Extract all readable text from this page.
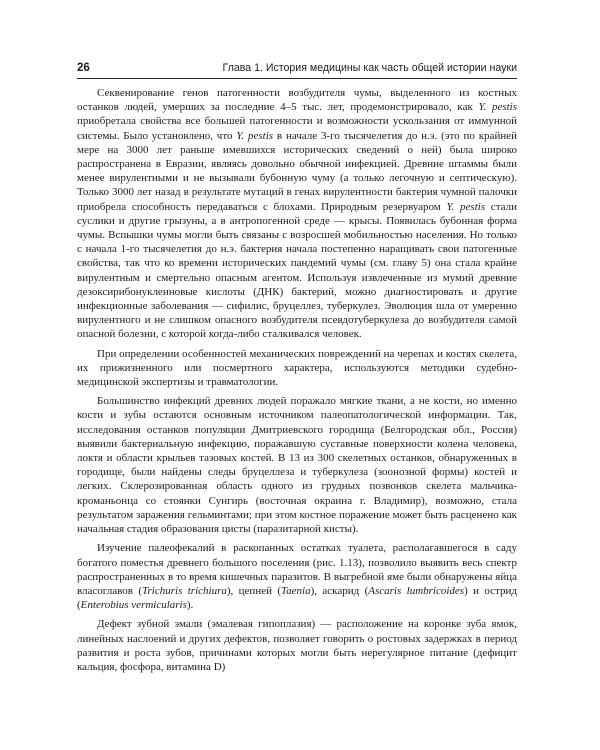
26	Глава 1. История медицины как часть общей истории науки

Секвенирование генов патогенности возбудителя чумы, выделенного из костных останков людей, умерших за последние 4–5 тыс. лет, продемонстрировало, как Y. pestis приобретала свойства все большей патогенности и возможности ускользания от иммунной системы. Было установлено, что Y. pestis в начале 3-го тысячелетия до н.э. (это по крайней мере на 3000 лет раньше имевшихся исторических сведений о ней) была широко распространена в Евразии, являясь довольно обычной инфекцией. Древние штаммы были менее вирулентными и не вызывали бубонную чуму (а только легочную и септическую). Только 3000 лет назад в результате мутаций в генах вирулентности бактерия чумной палочки приобрела способность передаваться с блохами. Природным резервуаром Y. pestis стали суслики и другие грызуны, а в антропогенной среде — крысы. Появилась бубонная форма чумы. Вспышки чумы могли быть связаны с возросшей мобильностью населения. Но только с начала 1-го тысячелетия до н.э. бактерия начала постепенно наращивать свои патогенные свойства, так что ко времени исторических пандемий чумы (см. главу 5) она стала крайне вирулентным и смертельно опасным агентом. Используя извлеченные из мумий древние дезоксирибонуклеиновые кислоты (ДНК) бактерий, можно диагностировать и другие инфекционные заболевания — сифилис, бруцеллез, туберкулез. Эволюция шла от умеренно вирулентного и не слишком опасного возбудителя псевдотуберкулеза до возбудителя самой опасной болезни, с которой когда-либо сталкивался человек.

При определении особенностей механических повреждений на черепах и костях скелета, их прижизненного или посмертного характера, используются методики судебно-медицинской экспертизы и травматологии.

Большинство инфекций древних людей поражало мягкие ткани, а не кости, но именно кости и зубы остаются основным источником палеопатологической информации. Так, исследования останков популяции Дмитриевского городища (Белгородская обл., Россия) выявили бактериальную инфекцию, поражавшую суставные поверхности колена человека, локтя и области крыльев тазовых костей. В 13 из 300 скелетных останков, обнаруженных в городище, были найдены следы бруцеллеза и туберкулеза (зоонозной формы) костей и легких. Склерозированная область одного из грудных позвонков скелета мальчика-кроманьонца со стоянки Сунгирь (восточная окраина г. Владимир), возможно, стала результатом заражения гельминтами; при этом костное поражение может быть расценено как начальная стадия образования цисты (паразитарной кисты).

Изучение палеофекалий в раскопанных остатках туалета, располагавшегося в саду богатого поместья древнего большого поселения (рис. 1.13), позволило выявить весь спектр распространенных в то время кишечных паразитов. В выгребной яме были обнаружены яйца власоглавов (Trichuris trichiura), цепней (Taenia), аскарид (Ascaris lumbricoides) и острид (Enterobius vermicularis).

Дефект зубной эмали (эмалевая гипоплазия) — расположение на коронке зуба ямок, линейных наслоений и других дефектов, позволяет говорить о ростовых задержках в период развития и роста зубов, причинами которых могли быть нерегулярное питание (дефицит кальция, фосфора, витамина D)
